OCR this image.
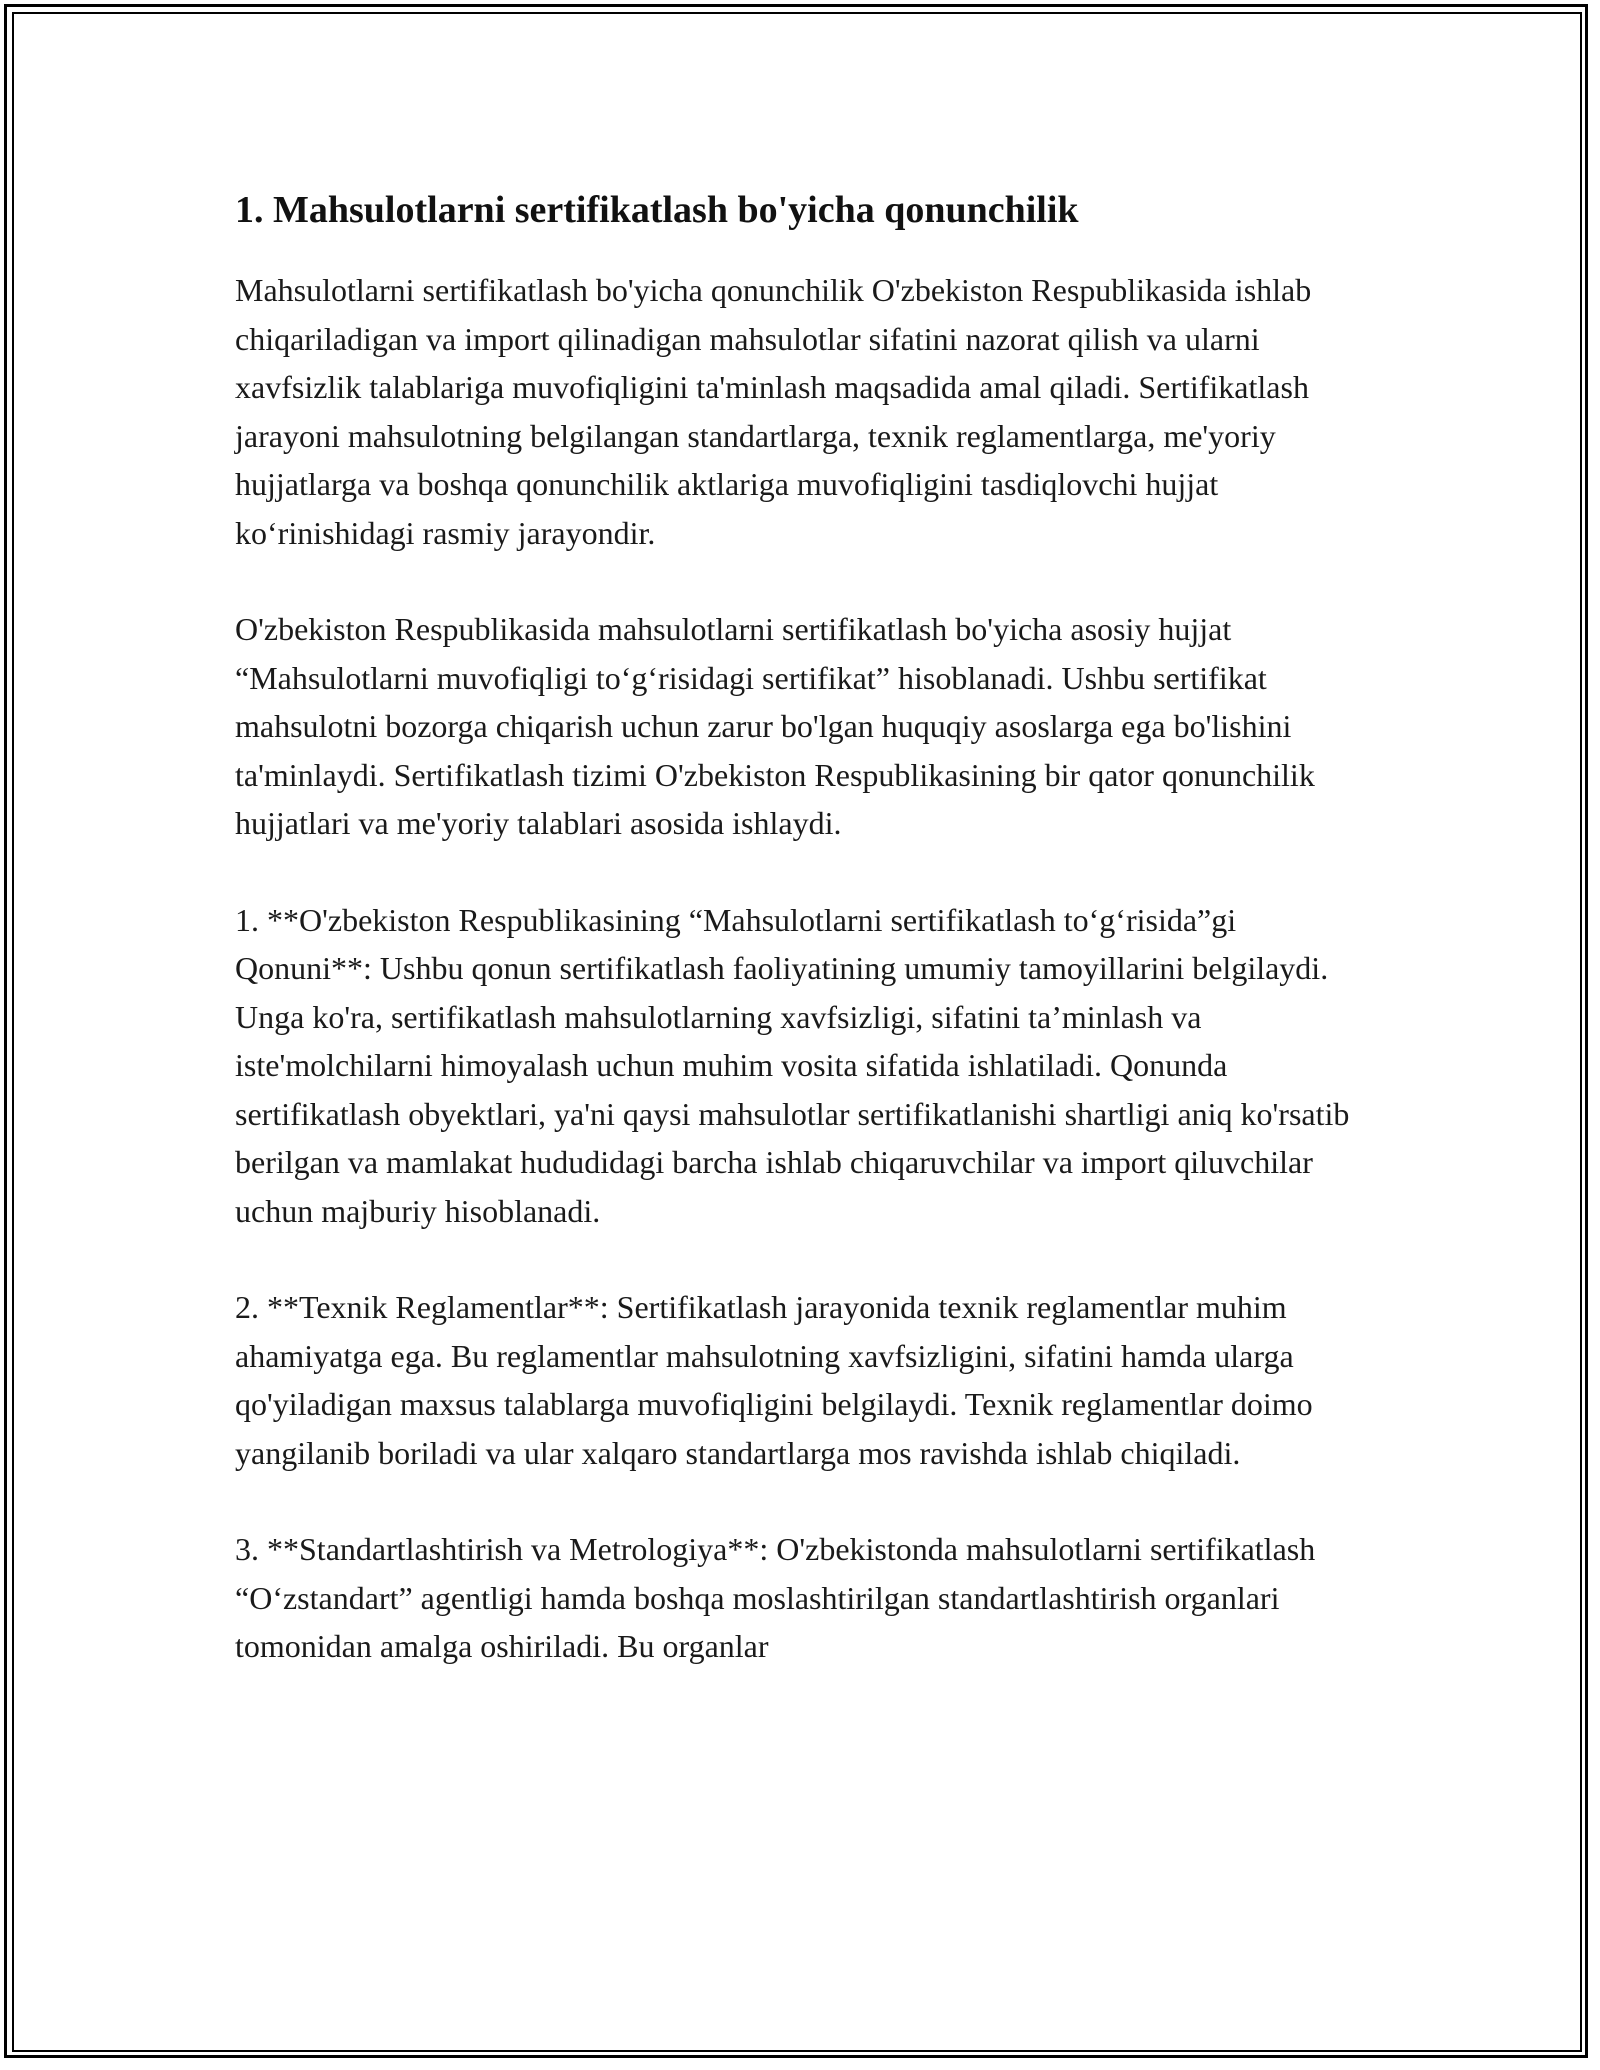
1. Mahsulotlarni sertifikatlash bo'yicha qonunchilik

Mahsulotlarni sertifikatlash bo'yicha qonunchilik O'zbekiston Respublikasida ishlab chiqariladigan va import qilinadigan mahsulotlar sifatini nazorat qilish va ularni xavfsizlik talablariga muvofiqligini ta'minlash maqsadida amal qiladi. Sertifikatlash jarayoni mahsulotning belgilangan standartlarga, texnik reglamentlarga, me'yoriy hujjatlarga va boshqa qonunchilik aktlariga muvofiqligini tasdiqlovchi hujjat ko‘rinishidagi rasmiy jarayondir.

O'zbekiston Respublikasida mahsulotlarni sertifikatlash bo'yicha asosiy hujjat “Mahsulotlarni muvofiqligi to‘g‘risidagi sertifikat” hisoblanadi. Ushbu sertifikat mahsulotni bozorga chiqarish uchun zarur bo'lgan huquqiy asoslarga ega bo'lishini ta'minlaydi. Sertifikatlash tizimi O'zbekiston Respublikasining bir qator qonunchilik hujjatlari va me'yoriy talablari asosida ishlaydi.

1. **O'zbekiston Respublikasining “Mahsulotlarni sertifikatlash to‘g‘risida”gi Qonuni**: Ushbu qonun sertifikatlash faoliyatining umumiy tamoyillarini belgilaydi. Unga ko'ra, sertifikatlash mahsulotlarning xavfsizligi, sifatini ta’minlash va iste'molchilarni himoyalash uchun muhim vosita sifatida ishlatiladi. Qonunda sertifikatlash obyektlari, ya'ni qaysi mahsulotlar sertifikatlanishi shartligi aniq ko'rsatib berilgan va mamlakat hududidagi barcha ishlab chiqaruvchilar va import qiluvchilar uchun majburiy hisoblanadi.

2. **Texnik Reglamentlar**: Sertifikatlash jarayonida texnik reglamentlar muhim ahamiyatga ega. Bu reglamentlar mahsulotning xavfsizligini, sifatini hamda ularga qo'yiladigan maxsus talablarga muvofiqligini belgilaydi. Texnik reglamentlar doimo yangilanib boriladi va ular xalqaro standartlarga mos ravishda ishlab chiqiladi.

3. **Standartlashtirish va Metrologiya**: O'zbekistonda mahsulotlarni sertifikatlash “O‘zstandart” agentligi hamda boshqa moslashtirilgan standartlashtirish organlari tomonidan amalga oshiriladi. Bu organlar
